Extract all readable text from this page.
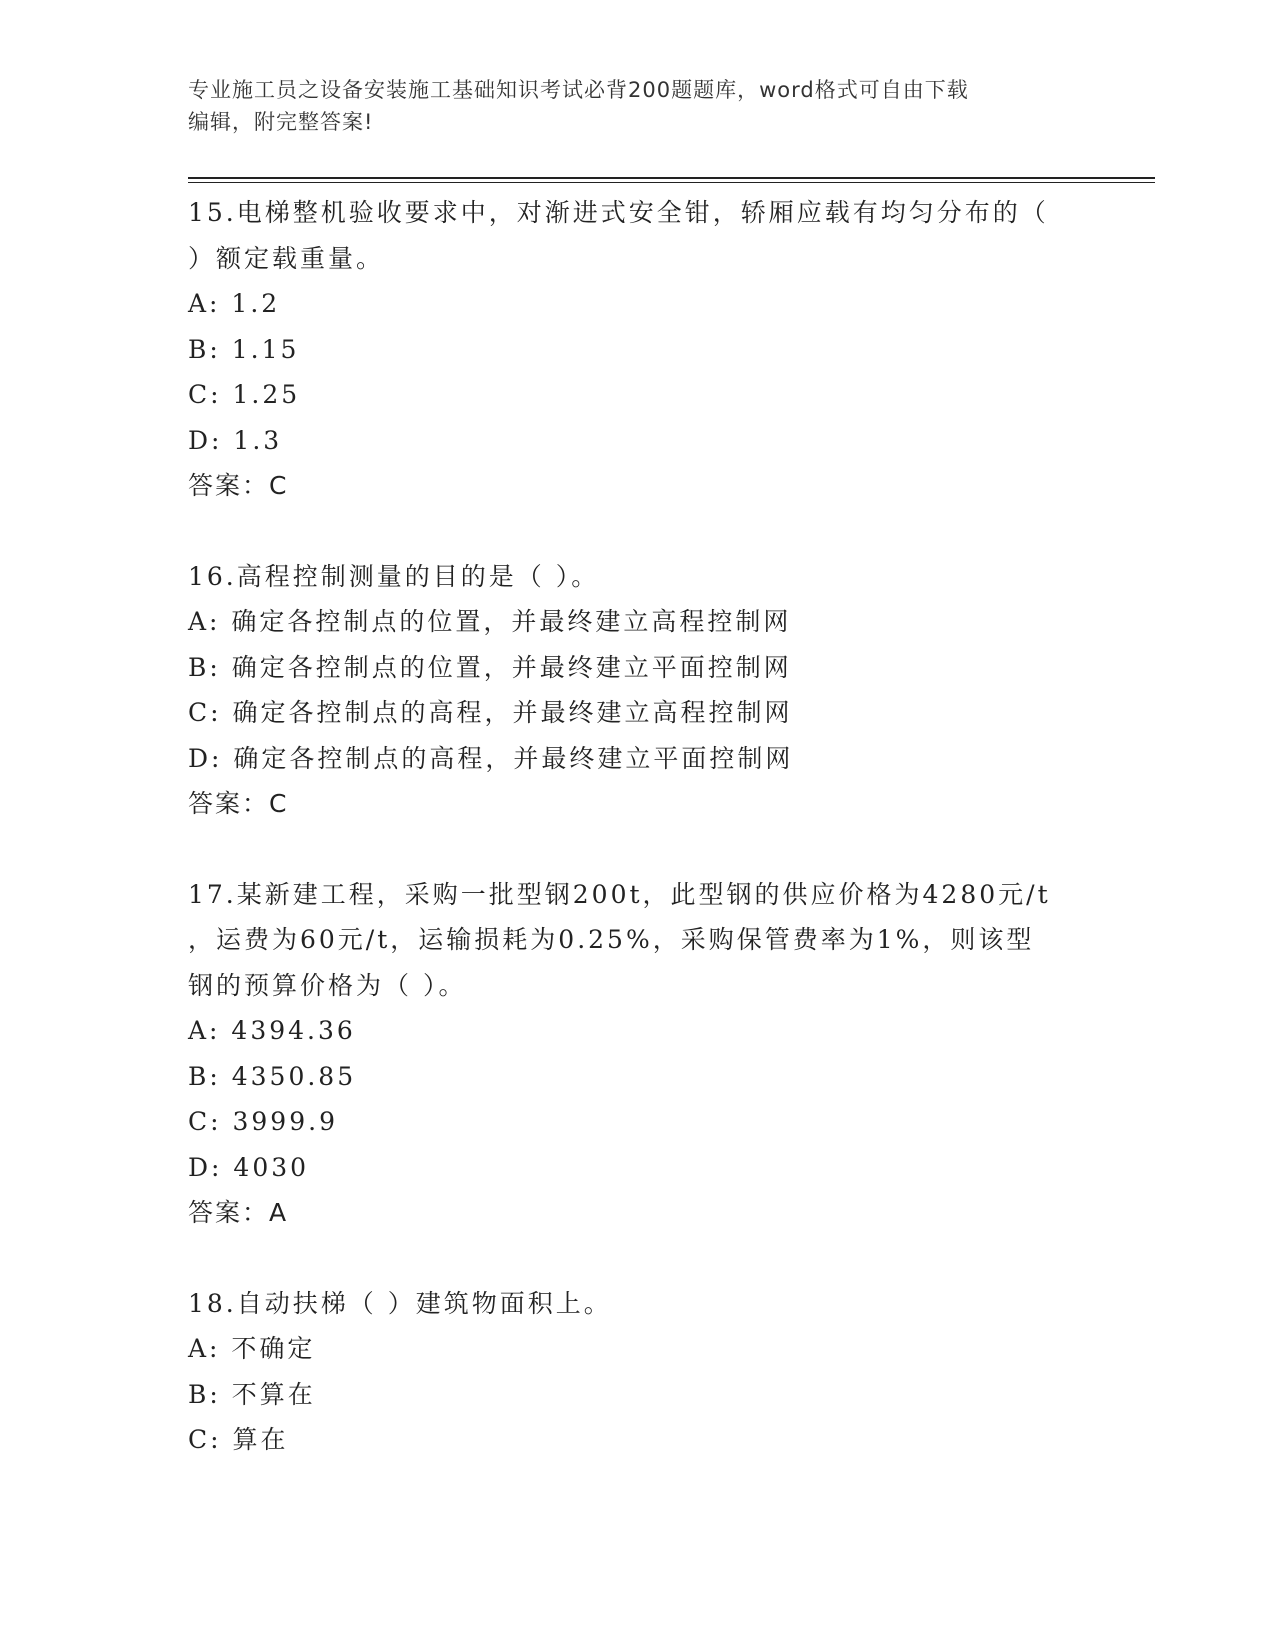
专业施工员之设备安装施工基础知识考试必背200题题库，word格式可自由下载
编辑，附完整答案!
15.电梯整机验收要求中，对渐进式安全钳，轿厢应载有均匀分布的（
）额定载重量。
A: 1.2
B: 1.15
C: 1.25
D: 1.3
答案：C
16.高程控制测量的目的是（ ）。
A: 确定各控制点的位置，并最终建立高程控制网
B: 确定各控制点的位置，并最终建立平面控制网
C: 确定各控制点的高程，并最终建立高程控制网
D: 确定各控制点的高程，并最终建立平面控制网
答案：C
17.某新建工程，采购一批型钢200t，此型钢的供应价格为4280元/t
，运费为60元/t，运输损耗为0.25%，采购保管费率为1%，则该型
钢的预算价格为（ ）。
A: 4394.36
B: 4350.85
C: 3999.9
D: 4030
答案：A
18.自动扶梯（ ）建筑物面积上。
A: 不确定
B: 不算在
C: 算在
